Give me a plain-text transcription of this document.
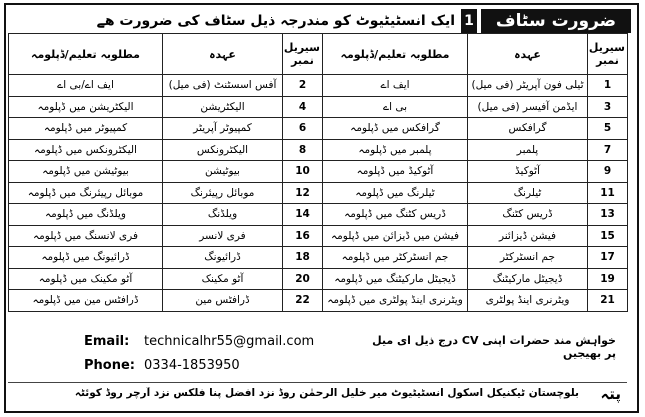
ضرورت سٹاف
1
ایک انسٹیٹیوٹ کو مندرجہ ذیل سٹاف کی ضرورت ھے
سیریل نمبر	عہدہ	مطلوبہ تعلیم/ڈپلومہ	سیریل نمبر	عہدہ	مطلوبہ تعلیم/ڈپلومہ
1	ٹیلی فون آپریٹر (فی میل)	ایف اے	2	آفس اسسٹنٹ (فی میل)	ایف اے/بی اے
3	ایڈمن آفیسر (فی میل)	بی اے	4	الیکٹریشن	الیکٹریشن میں ڈپلومہ
5	گرافکس	گرافکس میں ڈپلومہ	6	کمپیوٹر آپریٹر	کمپیوٹر میں ڈپلومہ
7	پلمبر	پلمبر میں ڈپلومہ	8	الیکٹرونکس	الیکٹرونکس میں ڈپلومہ
9	آٹوکیڈ	آٹوکیڈ میں ڈپلومہ	10	بیوٹیشن	بیوٹیشن میں ڈپلومہ
11	ٹیلرنگ	ٹیلرنگ میں ڈپلومہ	12	موبائل رپیئرنگ	موبائل رپیئرنگ میں ڈپلومہ
13	ڈریس کٹنگ	ڈریس کٹنگ میں ڈپلومہ	14	ویلڈنگ	ویلڈنگ میں ڈپلومہ
15	فیشن ڈیزائنر	فیشن میں ڈیزائن میں ڈپلومہ	16	فری لانسر	فری لانسنگ میں ڈپلومہ
17	جم انسٹرکٹر	جم انسٹرکٹر میں ڈپلومہ	18	ڈرائیونگ	ڈرائیونگ میں ڈپلومہ
19	ڈیجیٹل مارکیٹنگ	ڈیجیٹل مارکیٹنگ میں ڈپلومہ	20	آٹو مکینک	آٹو مکینک میں ڈپلومہ
21	ویٹرنری اینڈ پولٹری	ویٹرنری اینڈ پولٹری میں ڈپلومہ	22	ڈرافٹس مین	ڈرافٹس مین میں ڈپلومہ
خواہش مند حضرات اپنی CV درج ذیل ای میل پر بھیجیں
Email: technicalhr55@gmail.com
Phone: 0334-1853950
پتہ
بلوچستان ٹیکنیکل اسکول انسٹیٹیوٹ میر خلیل الرحمٰن روڈ نزد افضل پنا فلکس نزد آرچر روڈ کوئٹہ
